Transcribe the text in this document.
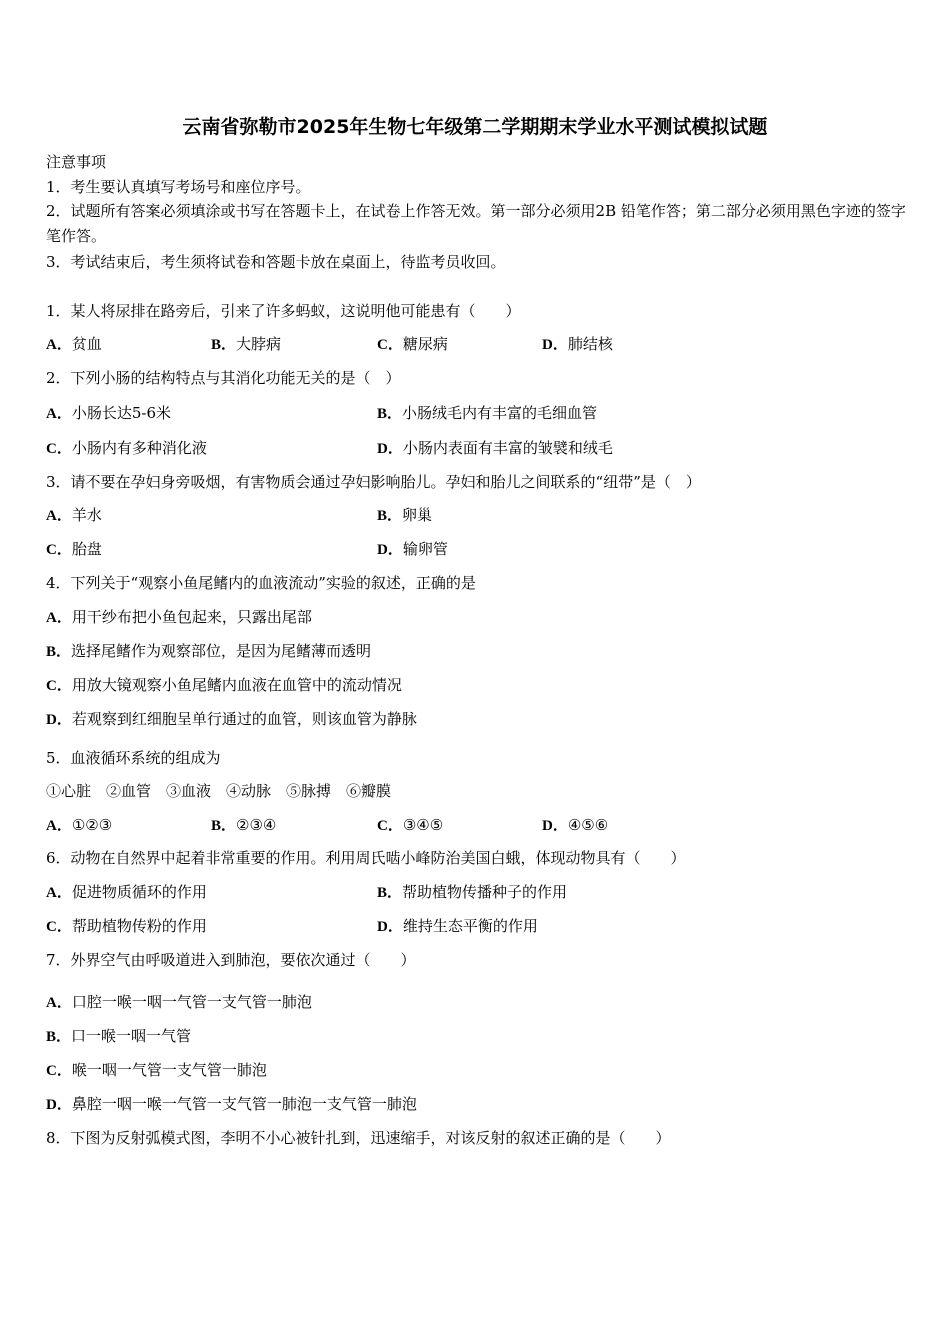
云南省弥勒市2025年生物七年级第二学期期末学业水平测试模拟试题
注意事项
1．考生要认真填写考场号和座位序号。
2．试题所有答案必须填涂或书写在答题卡上，在试卷上作答无效。第一部分必须用2B 铅笔作答；第二部分必须用黑色字迹的签字笔作答。
3．考试结束后，考生须将试卷和答题卡放在桌面上，待监考员收回。
1．某人将尿排在路旁后，引来了许多蚂蚁，这说明他可能患有（　　）
A．贫血	B．大脖病	C．糖尿病	D．肺结核
2．下列小肠的结构特点与其消化功能无关的是（　）
A．小肠长达5-6米	B．小肠绒毛内有丰富的毛细血管
C．小肠内有多种消化液	D．小肠内表面有丰富的皱襞和绒毛
3．请不要在孕妇身旁吸烟，有害物质会通过孕妇影响胎儿。孕妇和胎儿之间联系的“纽带”是（　）
A．羊水	B．卵巢
C．胎盘	D．输卵管
4．下列关于“观察小鱼尾鳍内的血液流动”实验的叙述，正确的是
A．用干纱布把小鱼包起来，只露出尾部
B．选择尾鳍作为观察部位，是因为尾鳍薄而透明
C．用放大镜观察小鱼尾鳍内血液在血管中的流动情况
D．若观察到红细胞呈单行通过的血管，则该血管为静脉
5．血液循环系统的组成为
①心脏　②血管　③血液　④动脉　⑤脉搏　⑥瓣膜
A．①②③	B．②③④	C．③④⑤	D．④⑤⑥
6．动物在自然界中起着非常重要的作用。利用周氏啮小峰防治美国白蛾，体现动物具有（　　）
A．促进物质循环的作用	B．帮助植物传播种子的作用
C．帮助植物传粉的作用	D．维持生态平衡的作用
7．外界空气由呼吸道进入到肺泡，要依次通过（　　）
A．口腔一喉一咽一气管一支气管一肺泡
B．口一喉一咽一气管
C．喉一咽一气管一支气管一肺泡
D．鼻腔一咽一喉一气管一支气管一肺泡一支气管一肺泡
8．下图为反射弧模式图，李明不小心被针扎到，迅速缩手，对该反射的叙述正确的是（　　）
